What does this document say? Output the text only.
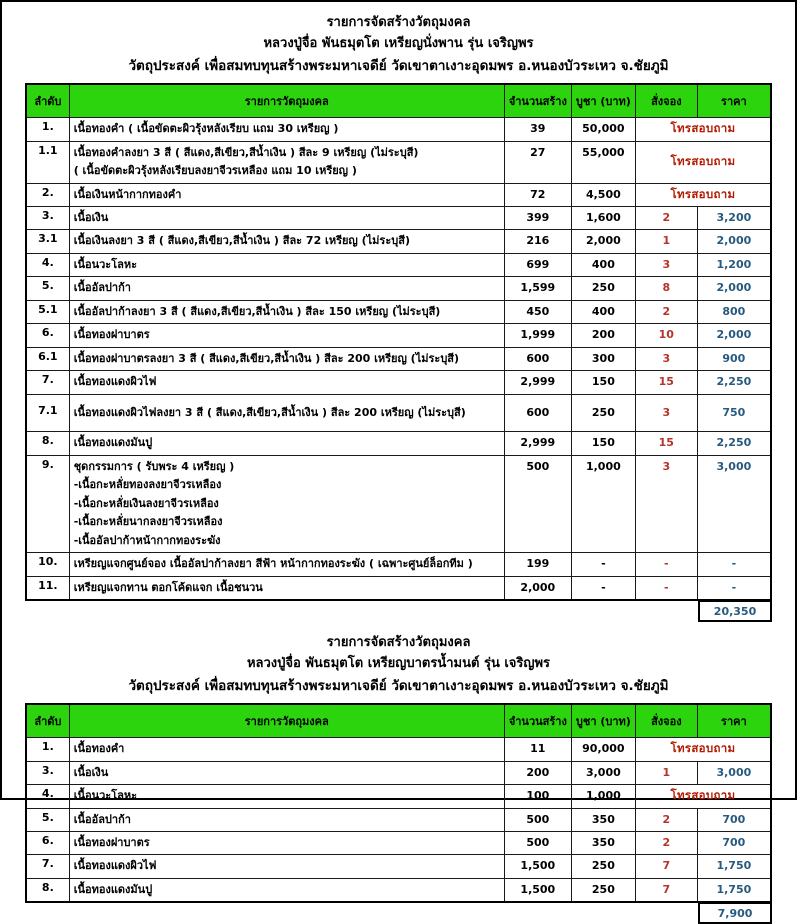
รายการจัดสร้างวัตถุมงคล
หลวงปู่จื่อ พันธมุตโต เหรียญนั่งพาน รุ่น เจริญพร
วัตถุประสงค์ เพื่อสมทบทุนสร้างพระมหาเจดีย์ วัดเขาตาเงาะอุดมพร อ.หนองบัวระเหว จ.ชัยภูมิ
ลำดับ	รายการวัตถุมงคล	จำนวนสร้าง	บูชา (บาท)	สั่งจอง	ราคา
1.	เนื้อทองคำ ( เนื้อขัดตะผิวรุ้งหลังเรียบ แถม 30 เหรียญ )	39	50,000	โทรสอบถาม	
1.1	เนื้อทองคำลงยา 3 สี ( สีแดง,สีเขียว,สีน้ำเงิน ) สีละ 9 เหรียญ (ไม่ระบุสี)
( เนื้อขัดตะผิวรุ้งหลังเรียบลงยาจีวรเหลือง แถม 10 เหรียญ )	27	55,000	โทรสอบถาม	
2.	เนื้อเงินหน้ากากทองคำ	72	4,500	โทรสอบถาม	
3.	เนื้อเงิน	399	1,600	2	3,200
3.1	เนื้อเงินลงยา 3 สี ( สีแดง,สีเขียว,สีน้ำเงิน ) สีละ 72 เหรียญ (ไม่ระบุสี)	216	2,000	1	2,000
4.	เนื้อนวะโลหะ	699	400	3	1,200
5.	เนื้ออัลปาก้า	1,599	250	8	2,000
5.1	เนื้ออัลปาก้าลงยา 3 สี ( สีแดง,สีเขียว,สีน้ำเงิน ) สีละ 150 เหรียญ (ไม่ระบุสี)	450	400	2	800
6.	เนื้อทองฝาบาตร	1,999	200	10	2,000
6.1	เนื้อทองฝาบาตรลงยา 3 สี ( สีแดง,สีเขียว,สีน้ำเงิน ) สีละ 200 เหรียญ (ไม่ระบุสี)	600	300	3	900
7.	เนื้อทองแดงผิวไฟ	2,999	150	15	2,250
7.1	เนื้อทองแดงผิวไฟลงยา 3 สี ( สีแดง,สีเขียว,สีน้ำเงิน ) สีละ 200 เหรียญ (ไม่ระบุสี)	600	250	3	750
8.	เนื้อทองแดงมันปู	2,999	150	15	2,250
9.	ชุดกรรมการ ( รับพระ 4 เหรียญ )
-เนื้อกะหลั่ยทองลงยาจีวรเหลือง
-เนื้อกะหลั่ยเงินลงยาจีวรเหลือง
-เนื้อกะหลั่ยนากลงยาจีวรเหลือง
-เนื้ออัลปาก้าหน้ากากทองระฆัง	500	1,000	3	3,000
10.	เหรียญแจกศูนย์จอง เนื้ออัลปาก้าลงยา สีฟ้า หน้ากากทองระฆัง ( เฉพาะศูนย์ล็อกทีม )	199	-	-	-
11.	เหรียญแจกทาน ตอกโค้ดแจก เนื้อชนวน	2,000	-	-	-
20,350
รายการจัดสร้างวัตถุมงคล
หลวงปู่จื่อ พันธมุตโต เหรียญบาตรน้ำมนต์ รุ่น เจริญพร
วัตถุประสงค์ เพื่อสมทบทุนสร้างพระมหาเจดีย์ วัดเขาตาเงาะอุดมพร อ.หนองบัวระเหว จ.ชัยภูมิ
ลำดับ	รายการวัตถุมงคล	จำนวนสร้าง	บูชา (บาท)	สั่งจอง	ราคา
1.	เนื้อทองคำ	11	90,000	โทรสอบถาม	
3.	เนื้อเงิน	200	3,000	1	3,000
4.	เนื้อนวะโลหะ	100	1,000	โทรสอบถาม	
5.	เนื้ออัลปาก้า	500	350	2	700
6.	เนื้อทองฝาบาตร	500	350	2	700
7.	เนื้อทองแดงผิวไฟ	1,500	250	7	1,750
8.	เนื้อทองแดงมันปู	1,500	250	7	1,750
7,900
